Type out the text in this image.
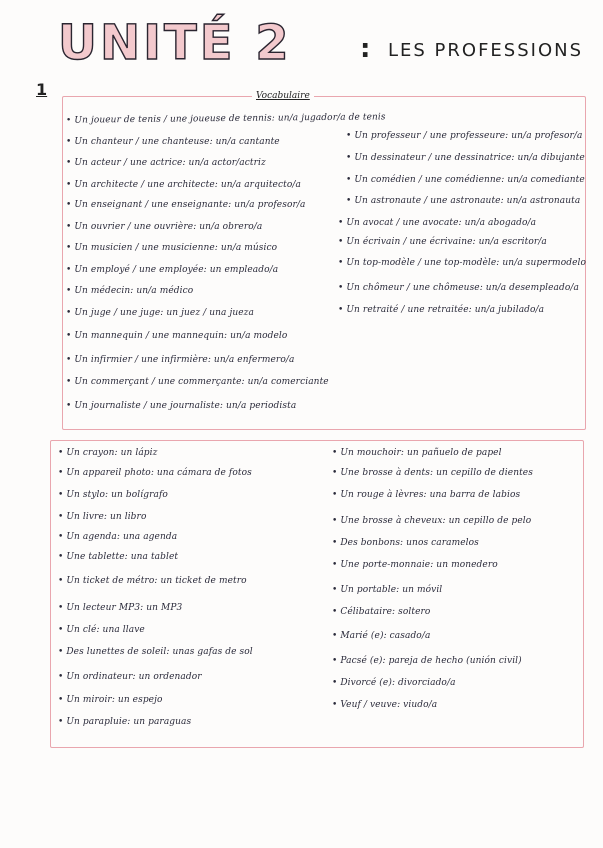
UNITÉ 2	: LES PROFESSIONS
1	Vocabulaire
• Un joueur de tenis / une joueuse de tennis: un/a jugador/a de tenis
• Un chanteur / une chanteuse: un/a cantante
• Un acteur / une actrice: un/a actor/actriz
• Un architecte / une architecte: un/a arquitecto/a
• Un enseignant / une enseignante: un/a profesor/a
• Un ouvrier / une ouvrière: un/a obrero/a
• Un musicien / une musicienne: un/a músico
• Un employé / une employée: un empleado/a
• Un médecin: un/a médico
• Un juge / une juge: un juez / una jueza
• Un mannequin / une mannequin: un/a modelo
• Un infirmier / une infirmière: un/a enfermero/a
• Un commerçant / une commerçante: un/a comerciante
• Un journaliste / une journaliste: un/a periodista
• Un professeur / une professeure: un/a profesor/a
• Un dessinateur / une dessinatrice: un/a dibujante
• Un comédien / une comédienne: un/a comediante
• Un astronaute / une astronaute: un/a astronauta
• Un avocat / une avocate: un/a abogado/a
• Un écrivain / une écrivaine: un/a escritor/a
• Un top-modèle / une top-modèle: un/a supermodelo
• Un chômeur / une chômeuse: un/a desempleado/a
• Un retraité / une retraitée: un/a jubilado/a
• Un crayon: un lápiz
• Un appareil photo: una cámara de fotos
• Un stylo: un bolígrafo
• Un livre: un libro
• Un agenda: una agenda
• Une tablette: una tablet
• Un ticket de métro: un ticket de metro
• Un lecteur MP3: un MP3
• Un clé: una llave
• Des lunettes de soleil: unas gafas de sol
• Un ordinateur: un ordenador
• Un miroir: un espejo
• Un parapluie: un paraguas
• Un mouchoir: un pañuelo de papel
• Une brosse à dents: un cepillo de dientes
• Un rouge à lèvres: una barra de labios
• Une brosse à cheveux: un cepillo de pelo
• Des bonbons: unos caramelos
• Une porte-monnaie: un monedero
• Un portable: un móvil
• Célibataire: soltero
• Marié (e): casado/a
• Pacsé (e): pareja de hecho (unión civil)
• Divorcé (e): divorciado/a
• Veuf / veuve: viudo/a
